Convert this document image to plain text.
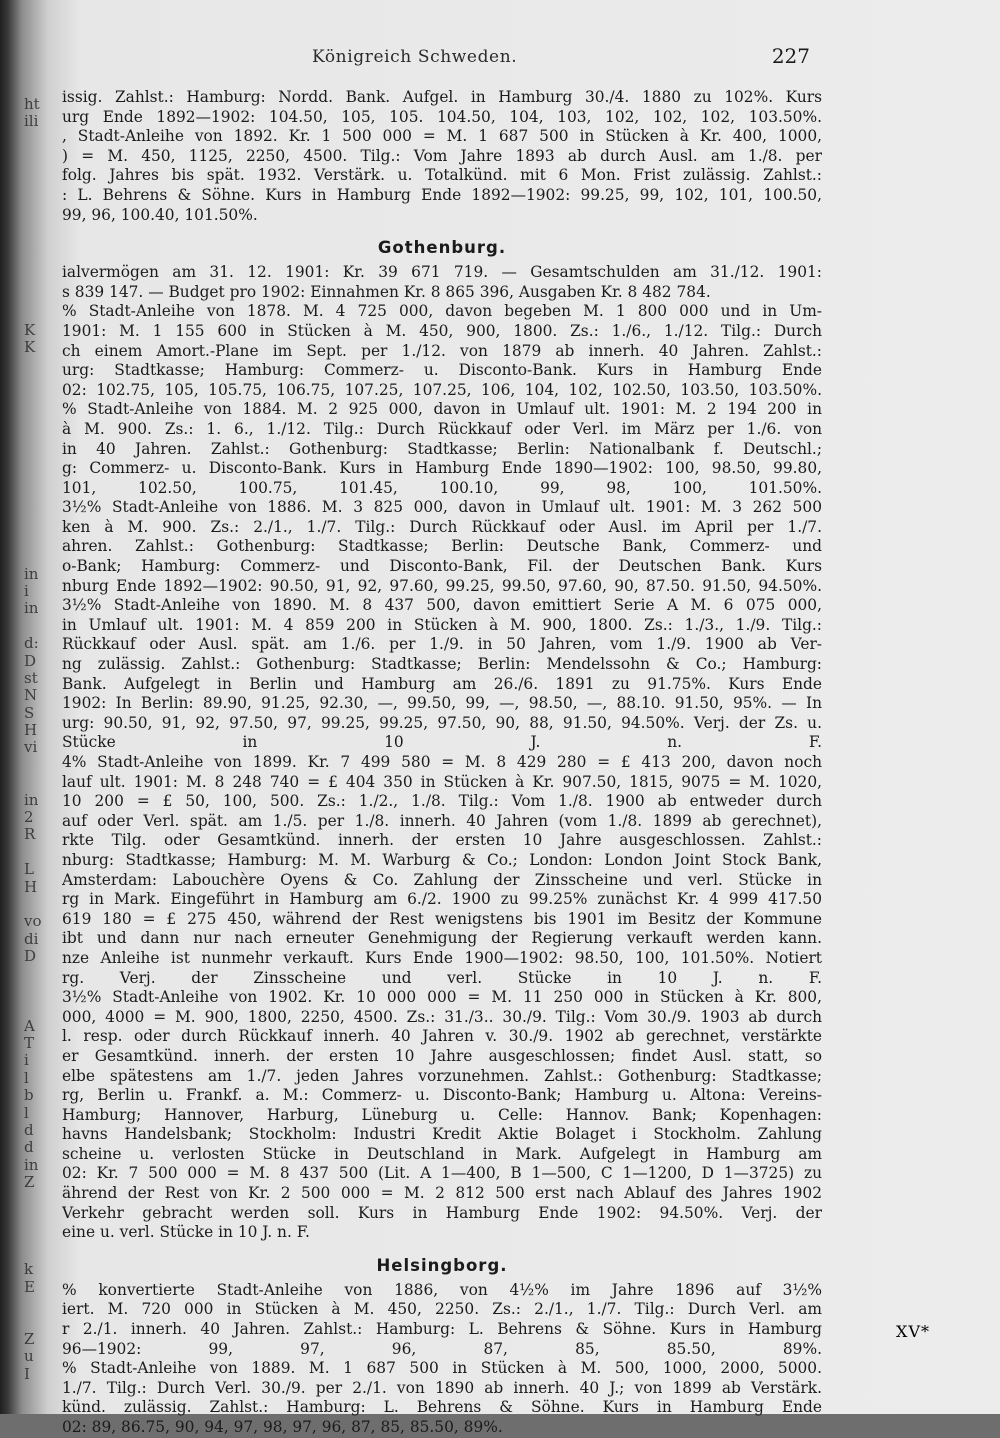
ht
ili
K
K
in
i
in
d:
D
st
N
S
H
vi
in
2
R
L
H
vo
di
D
A
T
i
l
b
l
d
d
in
Z
k
E
Z
u
I
Königreich Schweden.	227
issig. Zahlst.: Hamburg: Nordd. Bank. Aufgel. in Hamburg 30./4. 1880 zu 102%. Kurs
urg Ende 1892—1902: 104.50, 105, 105. 104.50, 104, 103, 102, 102, 102, 103.50%.
, Stadt-Anleihe von 1892. Kr. 1 500 000 = M. 1 687 500 in Stücken à Kr. 400, 1000,
) = M. 450, 1125, 2250, 4500. Tilg.: Vom Jahre 1893 ab durch Ausl. am 1./8. per
folg. Jahres bis spät. 1932. Verstärk. u. Totalkünd. mit 6 Mon. Frist zulässig. Zahlst.:
: L. Behrens & Söhne. Kurs in Hamburg Ende 1892—1902: 99.25, 99, 102, 101, 100.50,
99, 96, 100.40, 101.50%.
Gothenburg.
ialvermögen am 31. 12. 1901: Kr. 39 671 719. — Gesamtschulden am 31./12. 1901:
s 839 147. — Budget pro 1902: Einnahmen Kr. 8 865 396, Ausgaben Kr. 8 482 784.
% Stadt-Anleihe von 1878. M. 4 725 000, davon begeben M. 1 800 000 und in Um-
1901: M. 1 155 600 in Stücken à M. 450, 900, 1800. Zs.: 1./6., 1./12. Tilg.: Durch
ch einem Amort.-Plane im Sept. per 1./12. von 1879 ab innerh. 40 Jahren. Zahlst.:
urg: Stadtkasse; Hamburg: Commerz- u. Disconto-Bank. Kurs in Hamburg Ende
02: 102.75, 105, 105.75, 106.75, 107.25, 107.25, 106, 104, 102, 102.50, 103.50, 103.50%.
% Stadt-Anleihe von 1884. M. 2 925 000, davon in Umlauf ult. 1901: M. 2 194 200 in
à M. 900. Zs.: 1. 6., 1./12. Tilg.: Durch Rückkauf oder Verl. im März per 1./6. von
in 40 Jahren. Zahlst.: Gothenburg: Stadtkasse; Berlin: Nationalbank f. Deutschl.;
g: Commerz- u. Disconto-Bank. Kurs in Hamburg Ende 1890—1902: 100, 98.50, 99.80,
101, 102.50, 100.75, 101.45, 100.10, 99, 98, 100, 101.50%.
3½% Stadt-Anleihe von 1886. M. 3 825 000, davon in Umlauf ult. 1901: M. 3 262 500
ken à M. 900. Zs.: 2./1., 1./7. Tilg.: Durch Rückkauf oder Ausl. im April per 1./7.
ahren. Zahlst.: Gothenburg: Stadtkasse; Berlin: Deutsche Bank, Commerz- und
o-Bank; Hamburg: Commerz- und Disconto-Bank, Fil. der Deutschen Bank. Kurs
nburg Ende 1892—1902: 90.50, 91, 92, 97.60, 99.25, 99.50, 97.60, 90, 87.50. 91.50, 94.50%.
3½% Stadt-Anleihe von 1890. M. 8 437 500, davon emittiert Serie A M. 6 075 000,
in Umlauf ult. 1901: M. 4 859 200 in Stücken à M. 900, 1800. Zs.: 1./3., 1./9. Tilg.:
Rückkauf oder Ausl. spät. am 1./6. per 1./9. in 50 Jahren, vom 1./9. 1900 ab Ver-
ng zulässig. Zahlst.: Gothenburg: Stadtkasse; Berlin: Mendelssohn & Co.; Hamburg:
Bank. Aufgelegt in Berlin und Hamburg am 26./6. 1891 zu 91.75%. Kurs Ende
1902: In Berlin: 89.90, 91.25, 92.30, —, 99.50, 99, —, 98.50, —, 88.10. 91.50, 95%. — In
urg: 90.50, 91, 92, 97.50, 97, 99.25, 99.25, 97.50, 90, 88, 91.50, 94.50%. Verj. der Zs. u.
Stücke in 10 J. n. F.
4% Stadt-Anleihe von 1899. Kr. 7 499 580 = M. 8 429 280 = £ 413 200, davon noch
lauf ult. 1901: M. 8 248 740 = £ 404 350 in Stücken à Kr. 907.50, 1815, 9075 = M. 1020,
10 200 = £ 50, 100, 500. Zs.: 1./2., 1./8. Tilg.: Vom 1./8. 1900 ab entweder durch
auf oder Verl. spät. am 1./5. per 1./8. innerh. 40 Jahren (vom 1./8. 1899 ab gerechnet),
rkte Tilg. oder Gesamtkünd. innerh. der ersten 10 Jahre ausgeschlossen. Zahlst.:
nburg: Stadtkasse; Hamburg: M. M. Warburg & Co.; London: London Joint Stock Bank,
Amsterdam: Labouchère Oyens & Co. Zahlung der Zinsscheine und verl. Stücke in
rg in Mark. Eingeführt in Hamburg am 6./2. 1900 zu 99.25% zunächst Kr. 4 999 417.50
619 180 = £ 275 450, während der Rest wenigstens bis 1901 im Besitz der Kommune
ibt und dann nur nach erneuter Genehmigung der Regierung verkauft werden kann.
nze Anleihe ist nunmehr verkauft. Kurs Ende 1900—1902: 98.50, 100, 101.50%. Notiert
rg. Verj. der Zinsscheine und verl. Stücke in 10 J. n. F.
3½% Stadt-Anleihe von 1902. Kr. 10 000 000 = M. 11 250 000 in Stücken à Kr. 800,
000, 4000 = M. 900, 1800, 2250, 4500. Zs.: 31./3.. 30./9. Tilg.: Vom 30./9. 1903 ab durch
l. resp. oder durch Rückkauf innerh. 40 Jahren v. 30./9. 1902 ab gerechnet, verstärkte
er Gesamtkünd. innerh. der ersten 10 Jahre ausgeschlossen; findet Ausl. statt, so
elbe spätestens am 1./7. jeden Jahres vorzunehmen. Zahlst.: Gothenburg: Stadtkasse;
rg, Berlin u. Frankf. a. M.: Commerz- u. Disconto-Bank; Hamburg u. Altona: Vereins-
Hamburg; Hannover, Harburg, Lüneburg u. Celle: Hannov. Bank; Kopenhagen:
havns Handelsbank; Stockholm: Industri Kredit Aktie Bolaget i Stockholm. Zahlung
scheine u. verlosten Stücke in Deutschland in Mark. Aufgelegt in Hamburg am
02: Kr. 7 500 000 = M. 8 437 500 (Lit. A 1—400, B 1—500, C 1—1200, D 1—3725) zu
ährend der Rest von Kr. 2 500 000 = M. 2 812 500 erst nach Ablauf des Jahres 1902
Verkehr gebracht werden soll. Kurs in Hamburg Ende 1902: 94.50%. Verj. der
eine u. verl. Stücke in 10 J. n. F.
Helsingborg.
% konvertierte Stadt-Anleihe von 1886, von 4½% im Jahre 1896 auf 3½%
iert. M. 720 000 in Stücken à M. 450, 2250. Zs.: 2./1., 1./7. Tilg.: Durch Verl. am
r 2./1. innerh. 40 Jahren. Zahlst.: Hamburg: L. Behrens & Söhne. Kurs in Hamburg
96—1902: 99, 97, 96, 87, 85, 85.50, 89%.
% Stadt-Anleihe von 1889. M. 1 687 500 in Stücken à M. 500, 1000, 2000, 5000.
1./7. Tilg.: Durch Verl. 30./9. per 2./1. von 1890 ab innerh. 40 J.; von 1899 ab Verstärk.
künd. zulässig. Zahlst.: Hamburg: L. Behrens & Söhne. Kurs in Hamburg Ende
02: 89, 86.75, 90, 94, 97, 98, 97, 96, 87, 85, 85.50, 89%.
XV*
